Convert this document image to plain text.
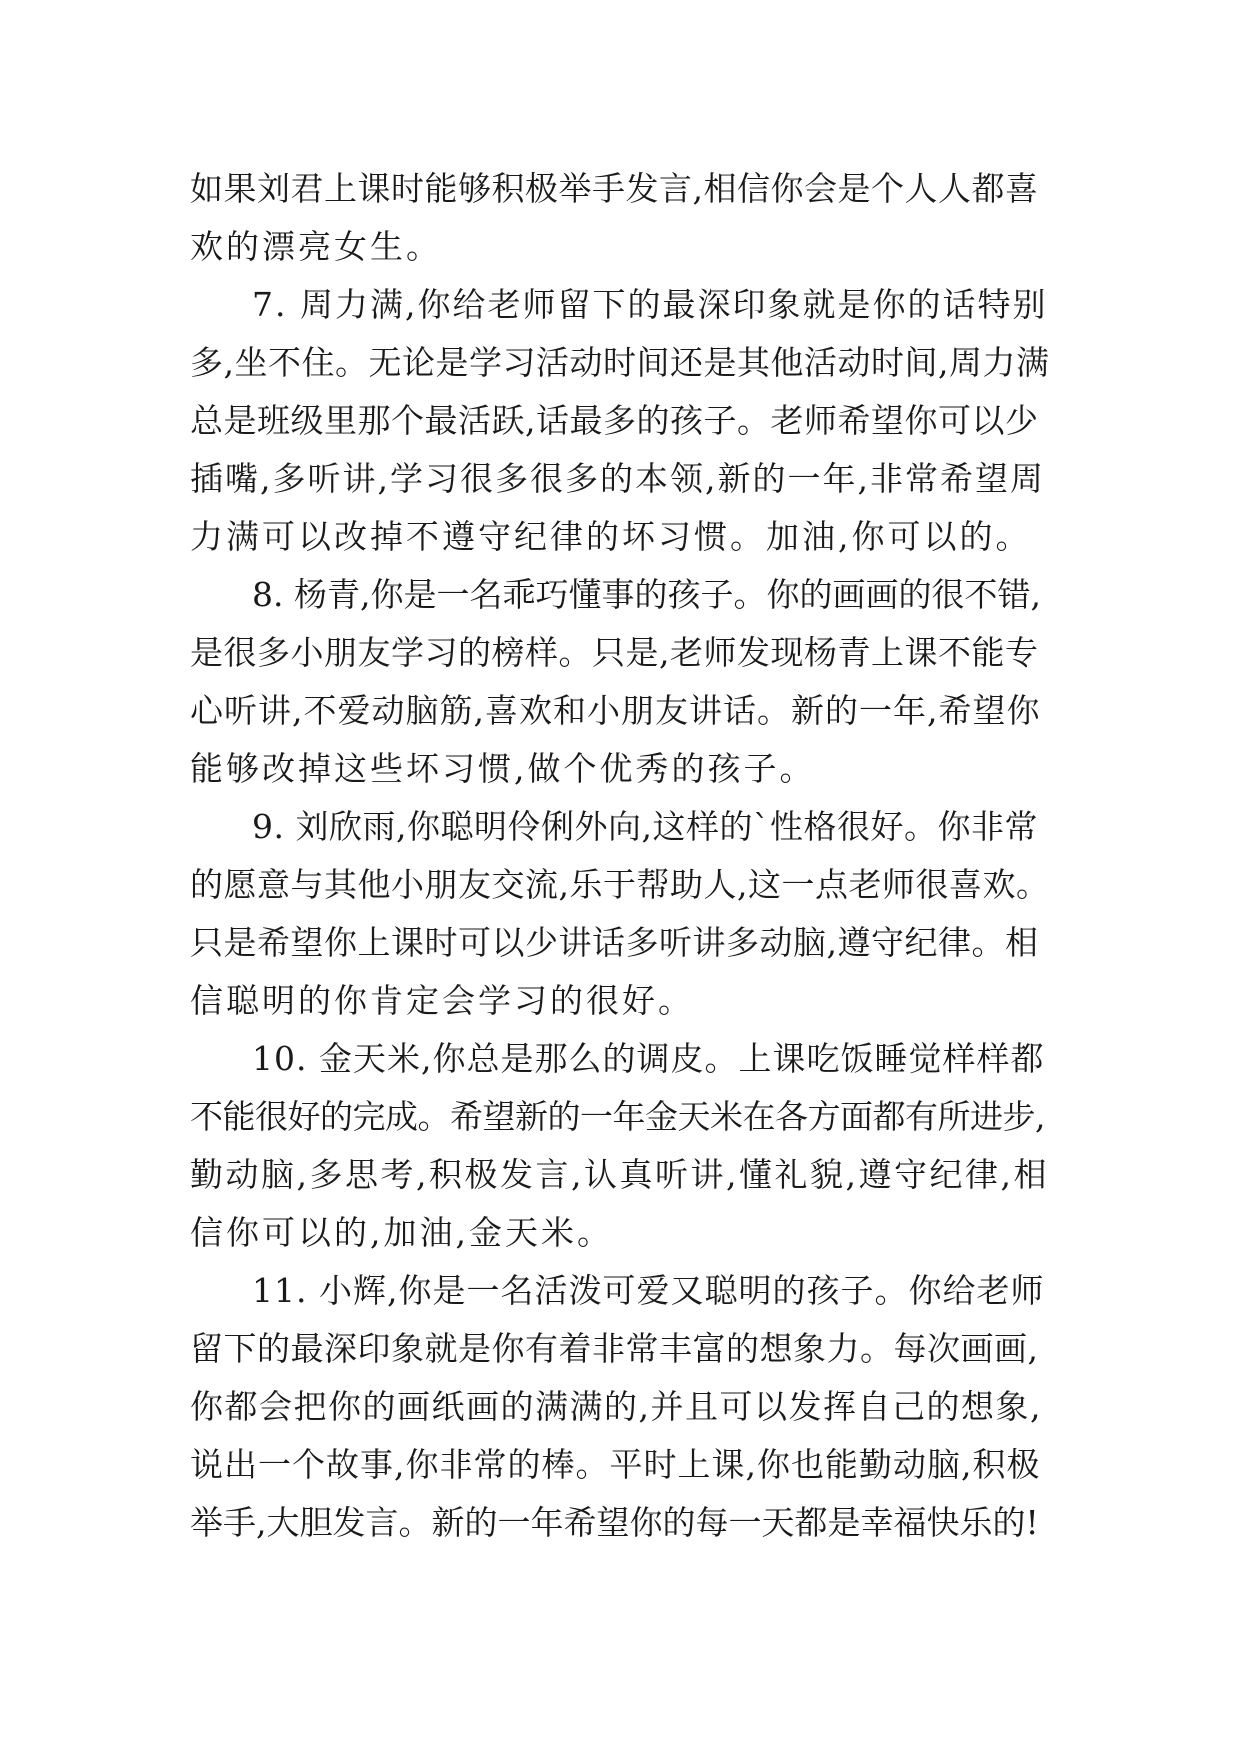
如果刘君上课时能够积极举手发言,相信你会是个人人都喜
欢的漂亮女生。
7. 周力满,你给老师留下的最深印象就是你的话特别
多,坐不住。无论是学习活动时间还是其他活动时间,周力满
总是班级里那个最活跃,话最多的孩子。老师希望你可以少
插嘴,多听讲,学习很多很多的本领,新的一年,非常希望周
力满可以改掉不遵守纪律的坏习惯。加油,你可以的。
8. 杨青,你是一名乖巧懂事的孩子。你的画画的很不错,
是很多小朋友学习的榜样。只是,老师发现杨青上课不能专
心听讲,不爱动脑筋,喜欢和小朋友讲话。新的一年,希望你
能够改掉这些坏习惯,做个优秀的孩子。
9. 刘欣雨,你聪明伶俐外向,这样的`性格很好。你非常
的愿意与其他小朋友交流,乐于帮助人,这一点老师很喜欢。
只是希望你上课时可以少讲话多听讲多动脑,遵守纪律。相
信聪明的你肯定会学习的很好。
10. 金天米,你总是那么的调皮。上课吃饭睡觉样样都
不能很好的完成。希望新的一年金天米在各方面都有所进步,
勤动脑,多思考,积极发言,认真听讲,懂礼貌,遵守纪律,相
信你可以的,加油,金天米。
11. 小辉,你是一名活泼可爱又聪明的孩子。你给老师
留下的最深印象就是你有着非常丰富的想象力。每次画画,
你都会把你的画纸画的满满的,并且可以发挥自己的想象,
说出一个故事,你非常的棒。平时上课,你也能勤动脑,积极
举手,大胆发言。新的一年希望你的每一天都是幸福快乐的!
